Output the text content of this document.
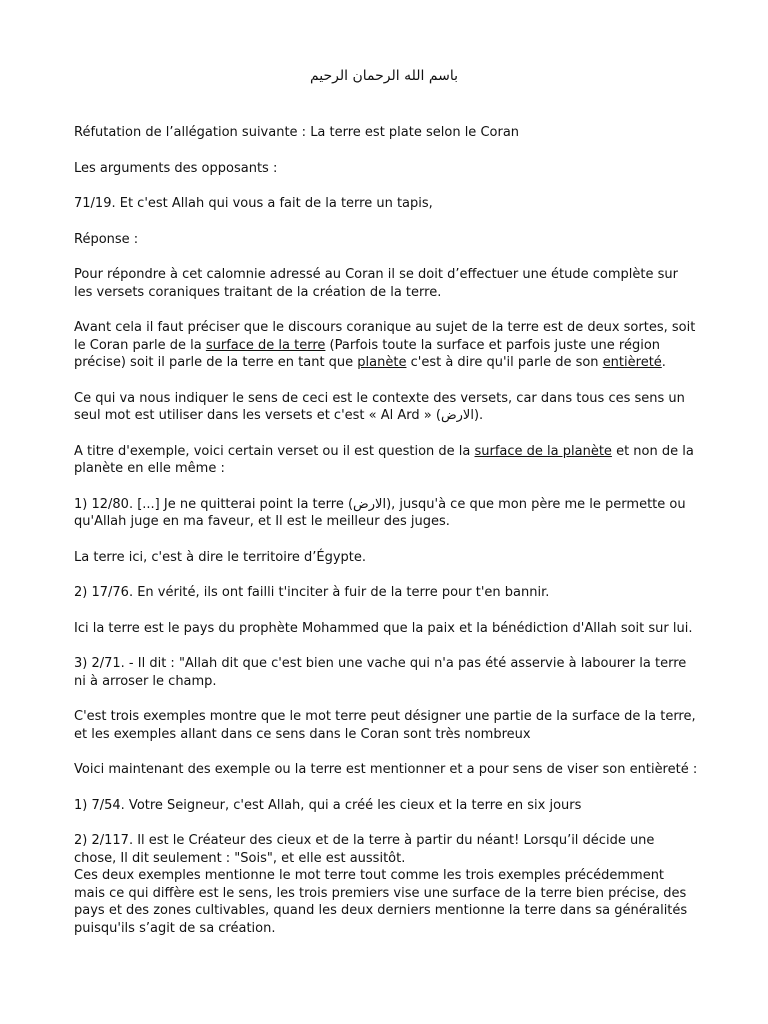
باسم الله الرحمان الرحيم

Réfutation de l’allégation suivante : La terre est plate selon le Coran

Les arguments des opposants :

71/19. Et c'est Allah qui vous a fait de la terre un tapis,

Réponse :

Pour répondre à cet calomnie adressé au Coran il se doit d’effectuer une étude complète sur les versets coraniques traitant de la création de la terre.

Avant cela il faut préciser que le discours coranique au sujet de la terre est de deux sortes, soit le Coran parle de la surface de la terre (Parfois toute la surface et parfois juste une région précise) soit il parle de la terre en tant que planète c'est à dire qu'il parle de son entièreté.

Ce qui va nous indiquer le sens de ceci est le contexte des versets, car dans tous ces sens un seul mot est utiliser dans les versets et c'est « Al Ard » (الارض).

A titre d'exemple, voici certain verset ou il est question de la surface de la planète et non de la planète en elle même :

1) 12/80. [...] Je ne quitterai point la terre (الارض), jusqu'à ce que mon père me le permette ou qu'Allah juge en ma faveur, et Il est le meilleur des juges.

La terre ici, c'est à dire le territoire d’Égypte.

2) 17/76. En vérité, ils ont failli t'inciter à fuir de la terre pour t'en bannir.

Ici la terre est le pays du prophète Mohammed que la paix et la bénédiction d'Allah soit sur lui.

3) 2/71. - Il dit : "Allah dit que c'est bien une vache qui n'a pas été asservie à labourer la terre ni à arroser le champ.

C'est trois exemples montre que le mot terre peut désigner une partie de la surface de la terre, et les exemples allant dans ce sens dans le Coran sont très nombreux

Voici maintenant des exemple ou la terre est mentionner et a pour sens de viser son entièreté :

1) 7/54. Votre Seigneur, c'est Allah, qui a créé les cieux et la terre en six jours

2) 2/117. Il est le Créateur des cieux et de la terre à partir du néant! Lorsqu’il décide une chose, Il dit seulement : "Sois", et elle est aussitôt.

Ces deux exemples mentionne le mot terre tout comme les trois exemples précédemment mais ce qui diffère est le sens, les trois premiers vise une surface de la terre bien précise, des pays et des zones cultivables, quand les deux derniers mentionne la terre dans sa généralités puisqu'ils s’agit de sa création.
